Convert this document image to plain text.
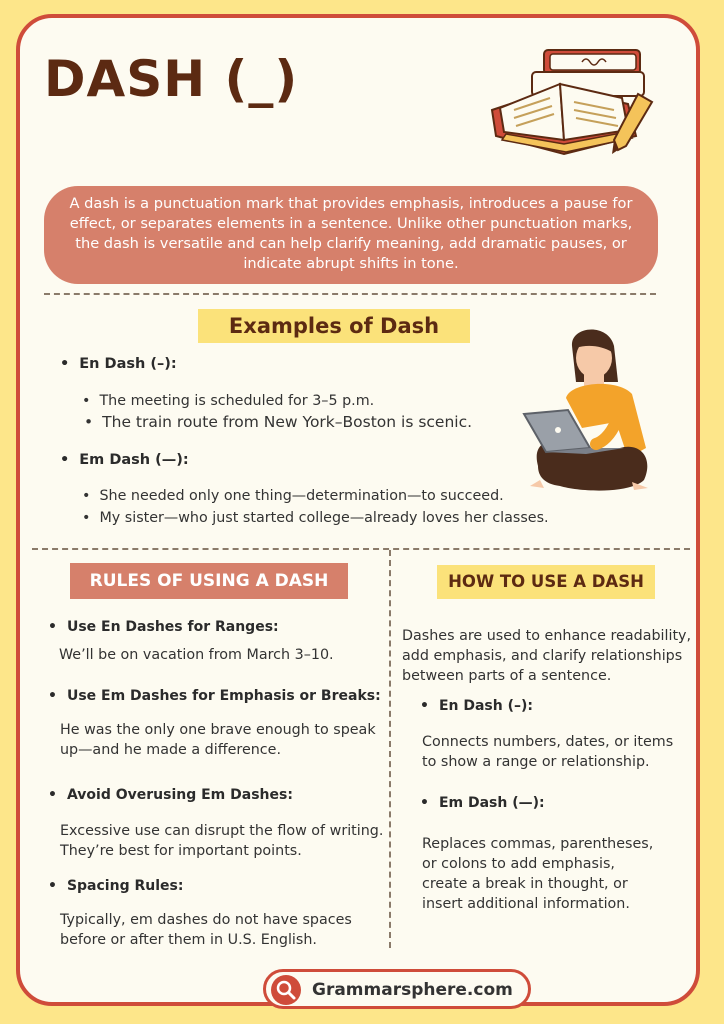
DASH (_)
A dash is a punctuation mark that provides emphasis, introduces a pause for effect, or separates elements in a sentence. Unlike other punctuation marks, the dash is versatile and can help clarify meaning, add dramatic pauses, or indicate abrupt shifts in tone.
Examples of Dash
• En Dash (–):
• The meeting is scheduled for 3–5 p.m.
• The train route from New York–Boston is scenic.
• Em Dash (—):
• She needed only one thing—determination—to succeed.
• My sister—who just started college—already loves her classes.
RULES OF USING A DASH
• Use En Dashes for Ranges:
We’ll be on vacation from March 3–10.
• Use Em Dashes for Emphasis or Breaks:
He was the only one brave enough to speak
up—and he made a difference.
• Avoid Overusing Em Dashes:
Excessive use can disrupt the flow of writing.
They’re best for important points.
• Spacing Rules:
Typically, em dashes do not have spaces
before or after them in U.S. English.
HOW TO USE A DASH
Dashes are used to enhance readability,
add emphasis, and clarify relationships
between parts of a sentence.
• En Dash (–):
Connects numbers, dates, or items
to show a range or relationship.
• Em Dash (—):
Replaces commas, parentheses,
or colons to add emphasis,
create a break in thought, or
insert additional information.
Grammarsphere.com
